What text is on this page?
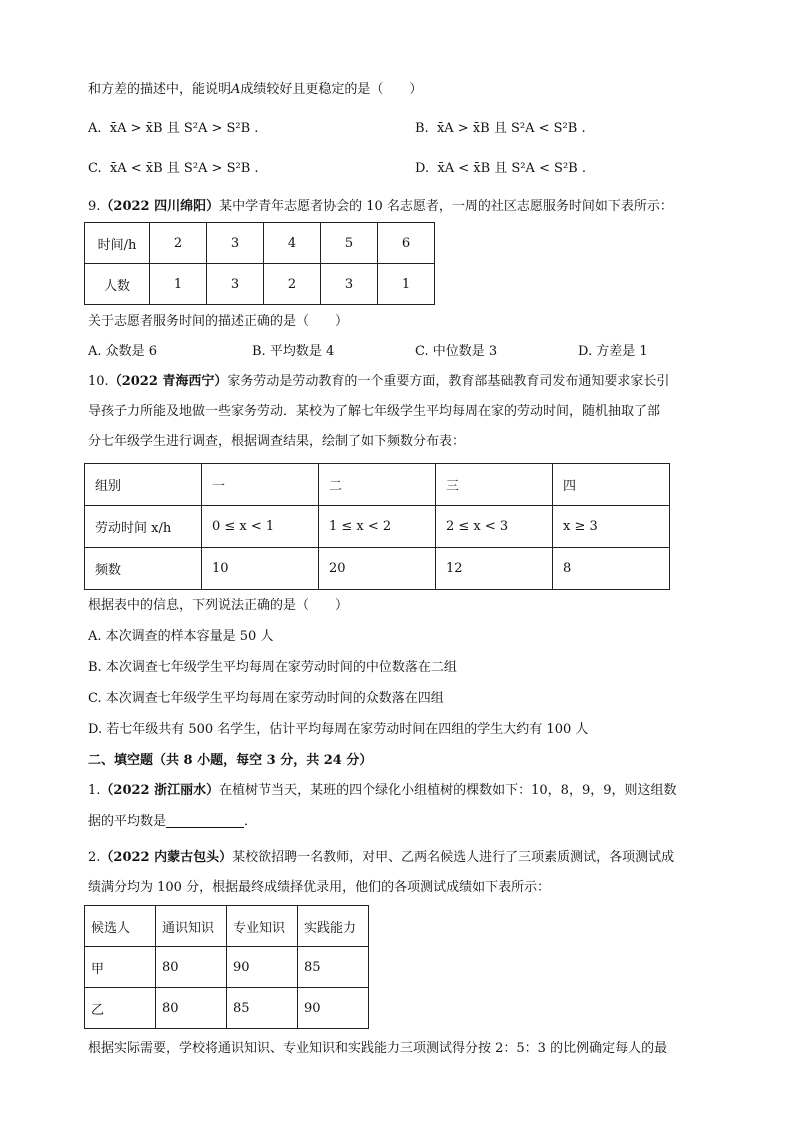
和方差的描述中，能说明A成绩较好且更稳定的是（　　）
A. x̄A > x̄B 且 S²A > S²B .	B. x̄A > x̄B 且 S²A < S²B .
C. x̄A < x̄B 且 S²A > S²B .	D. x̄A < x̄B 且 S²A < S²B .
9.（2022 四川绵阳）某中学青年志愿者协会的 10 名志愿者，一周的社区志愿服务时间如下表所示：
时间/h	2	3	4	5	6
人数	1	3	2	3	1
关于志愿者服务时间的描述正确的是（　　）
A. 众数是 6	B. 平均数是 4	C. 中位数是 3	D. 方差是 1
10.（2022 青海西宁）家务劳动是劳动教育的一个重要方面，教育部基础教育司发布通知要求家长引
导孩子力所能及地做一些家务劳动．某校为了解七年级学生平均每周在家的劳动时间，随机抽取了部
分七年级学生进行调查，根据调查结果，绘制了如下频数分布表：
组别	一	二	三	四
劳动时间 x/h	0 ≤ x < 1	1 ≤ x < 2	2 ≤ x < 3	x ≥ 3
频数	10	20	12	8
根据表中的信息，下列说法正确的是（　　）
A. 本次调查的样本容量是 50 人
B. 本次调查七年级学生平均每周在家劳动时间的中位数落在二组
C. 本次调查七年级学生平均每周在家劳动时间的众数落在四组
D. 若七年级共有 500 名学生，估计平均每周在家劳动时间在四组的学生大约有 100 人
二、填空题（共 8 小题，每空 3 分，共 24 分）
1.（2022 浙江丽水）在植树节当天，某班的四个绿化小组植树的棵数如下：10，8，9，9，则这组数
据的平均数是	．
2.（2022 内蒙古包头）某校欲招聘一名教师，对甲、乙两名候选人进行了三项素质测试，各项测试成
绩满分均为 100 分，根据最终成绩择优录用，他们的各项测试成绩如下表所示：
候选人	通识知识	专业知识	实践能力
甲	80	90	85
乙	80	85	90
根据实际需要，学校将通识知识、专业知识和实践能力三项测试得分按 2：5：3 的比例确定每人的最
